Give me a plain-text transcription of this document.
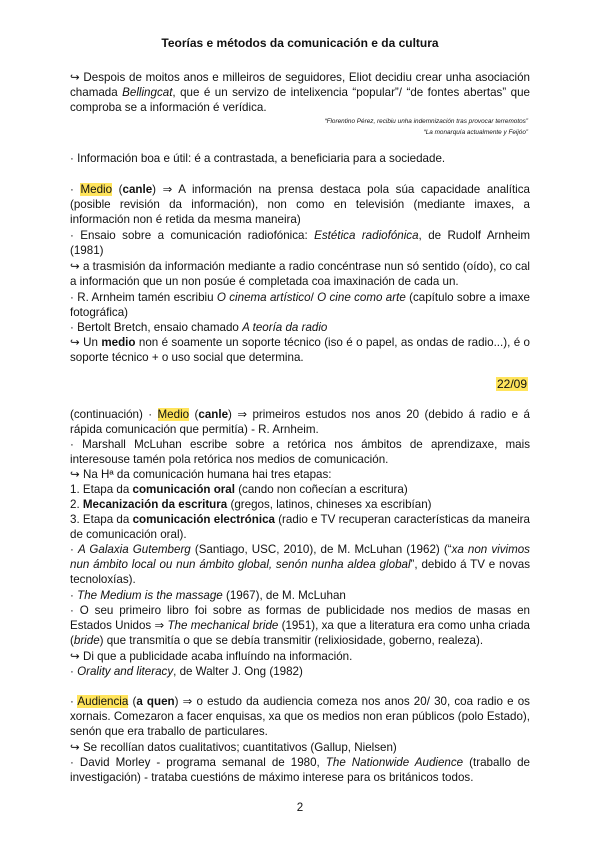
Teorías e métodos da comunicación e da cultura
↪ Despois de moitos anos e milleiros de seguidores, Eliot decidiu crear unha asociación chamada Bellingcat, que é un servizo de intelixencia “popular”/ “de fontes abertas” que comproba se a información é verídica.
“Florentino Pérez, recibiu unha indemnización tras provocar terremotos”
“La monarquía actualmente y Feijóo”
· Información boa e útil: é a contrastada, a beneficiaria para a sociedade.
· Medio (canle) ⇒ A información na prensa destaca pola súa capacidade analítica (posible revisión da información), non como en televisión (mediante imaxes, a información non é retida da mesma maneira)
· Ensaio sobre a comunicación radiofónica: Estética radiofónica, de Rudolf Arnheim (1981)
↪ a trasmisión da información mediante a radio concéntrase nun só sentido (oído), co cal a información que un non posúe é completada coa imaxinación de cada un.
· R. Arnheim tamén escribiu O cinema artístico/ O cine como arte (capítulo sobre a imaxe fotográfica)
· Bertolt Bretch, ensaio chamado A teoría da radio
↪ Un medio non é soamente un soporte técnico (iso é o papel, as ondas de radio...), é o soporte técnico + o uso social que determina.
22/09
(continuación) · Medio (canle) ⇒ primeiros estudos nos anos 20 (debido á radio e á rápida comunicación que permitía) - R. Arnheim.
· Marshall McLuhan escribe sobre a retórica nos ámbitos de aprendizaxe, mais interesouse tamén pola retórica nos medios de comunicación.
↪ Na Hª da comunicación humana hai tres etapas:
1. Etapa da comunicación oral (cando non coñecían a escritura)
2. Mecanización da escritura (gregos, latinos, chineses xa escribían)
3. Etapa da comunicación electrónica (radio e TV recuperan características da maneira de comunicación oral).
· A Galaxia Gutemberg (Santiago, USC, 2010), de M. McLuhan (1962) (“xa non vivimos nun ámbito local ou nun ámbito global, senón nunha aldea global”, debido á TV e novas tecnoloxías).
· The Medium is the massage (1967), de M. McLuhan
· O seu primeiro libro foi sobre as formas de publicidade nos medios de masas en Estados Unidos ⇒ The mechanical bride (1951), xa que a literatura era como unha criada (bride) que transmitía o que se debía transmitir (relixiosidade, goberno, realeza).
↪ Di que a publicidade acaba influíndo na información.
· Orality and literacy, de Walter J. Ong (1982)
· Audiencia (a quen) ⇒ o estudo da audiencia comeza nos anos 20/ 30, coa radio e os xornais. Comezaron a facer enquisas, xa que os medios non eran públicos (polo Estado), senón que era traballo de particulares.
↪ Se recollían datos cualitativos; cuantitativos (Gallup, Nielsen)
· David Morley - programa semanal de 1980, The Nationwide Audience (traballo de investigación) - trataba cuestións de máximo interese para os británicos todos.
2
